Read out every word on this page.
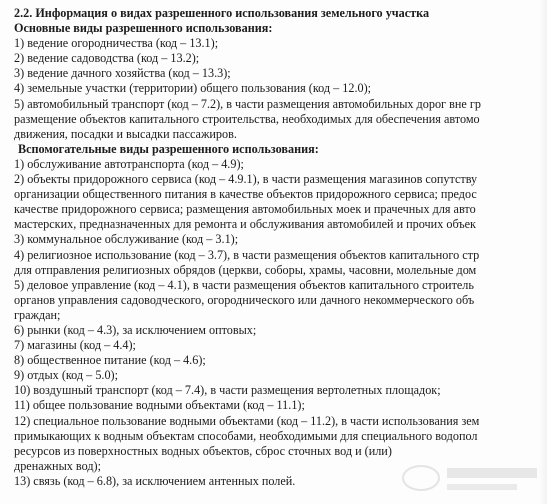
2.2. Информация о видах разрешенного использования земельного участка
Основные виды разрешенного использования:
1) ведение огородничества (код – 13.1);
2) ведение садоводства (код – 13.2);
3) ведение дачного хозяйства (код – 13.3);
4) земельные участки (территории) общего пользования (код – 12.0);
5) автомобильный транспорт (код – 7.2), в части размещения автомобильных дорог вне гр
размещение объектов капитального строительства, необходимых для обеспечения автомо
движения, посадки и высадки пассажиров.
Вспомогательные виды разрешенного использования:
1) обслуживание автотранспорта (код – 4.9);
2) объекты придорожного сервиса (код – 4.9.1), в части размещения магазинов сопутству
организации общественного питания в качестве объектов придорожного сервиса; предос
качестве придорожного сервиса; размещения автомобильных моек и прачечных для авто
мастерских, предназначенных для ремонта и обслуживания автомобилей и прочих объек
3) коммунальное обслуживание (код – 3.1);
4) религиозное использование (код – 3.7), в части размещения объектов капитального стр
для отправления религиозных обрядов (церкви, соборы, храмы, часовни, молельные дом
5) деловое управление (код – 4.1), в части размещения объектов капитального строитель
органов управления садоводческого, огороднического или дачного некоммерческого объ
граждан;
6) рынки (код – 4.3), за исключением оптовых;
7) магазины (код – 4.4);
8) общественное питание (код – 4.6);
9) отдых (код – 5.0);
10) воздушный транспорт (код – 7.4), в части размещения вертолетных площадок;
11) общее пользование водными объектами (код – 11.1);
12) специальное пользование водными объектами (код – 11.2), в части использования зем
примыкающих к водным объектам способами, необходимыми для специального водопол
ресурсов из поверхностных водных объектов, сброс сточных вод и (или)
дренажных вод);
13) связь (код – 6.8), за исключением антенных полей.
